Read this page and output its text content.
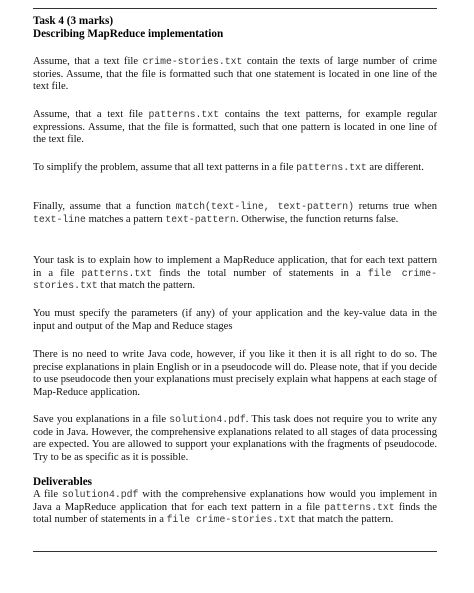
Task 4 (3 marks)
Describing MapReduce implementation

Assume, that a text file crime-stories.txt contain the texts of large number of crime stories. Assume, that the file is formatted such that one statement is located in one line of the text file.

Assume, that a text file patterns.txt contains the text patterns, for example regular expressions. Assume, that the file is formatted, such that one pattern is located in one line of the text file.

To simplify the problem, assume that all text patterns in a file patterns.txt are different.

Finally, assume that a function match(text-line, text-pattern) returns true when text-line matches a pattern text-pattern. Otherwise, the function returns false.

Your task is to explain how to implement a MapReduce application, that for each text pattern in a file patterns.txt finds the total number of statements in a file crime-stories.txt that match the pattern.

You must specify the parameters (if any) of your application and the key-value data in the input and output of the Map and Reduce stages

There is no need to write Java code, however, if you like it then it is all right to do so. The precise explanations in plain English or in a pseudocode will do. Please note, that if you decide to use pseudocode then your explanations must precisely explain what happens at each stage of Map-Reduce application.

Save you explanations in a file solution4.pdf. This task does not require you to write any code in Java. However, the comprehensive explanations related to all stages of data processing are expected. You are allowed to support your explanations with the fragments of pseudocode. Try to be as specific as it is possible.

Deliverables

A file solution4.pdf with the comprehensive explanations how would you implement in Java a MapReduce application that for each text pattern in a file patterns.txt finds the total number of statements in a file crime-stories.txt that match the pattern.
